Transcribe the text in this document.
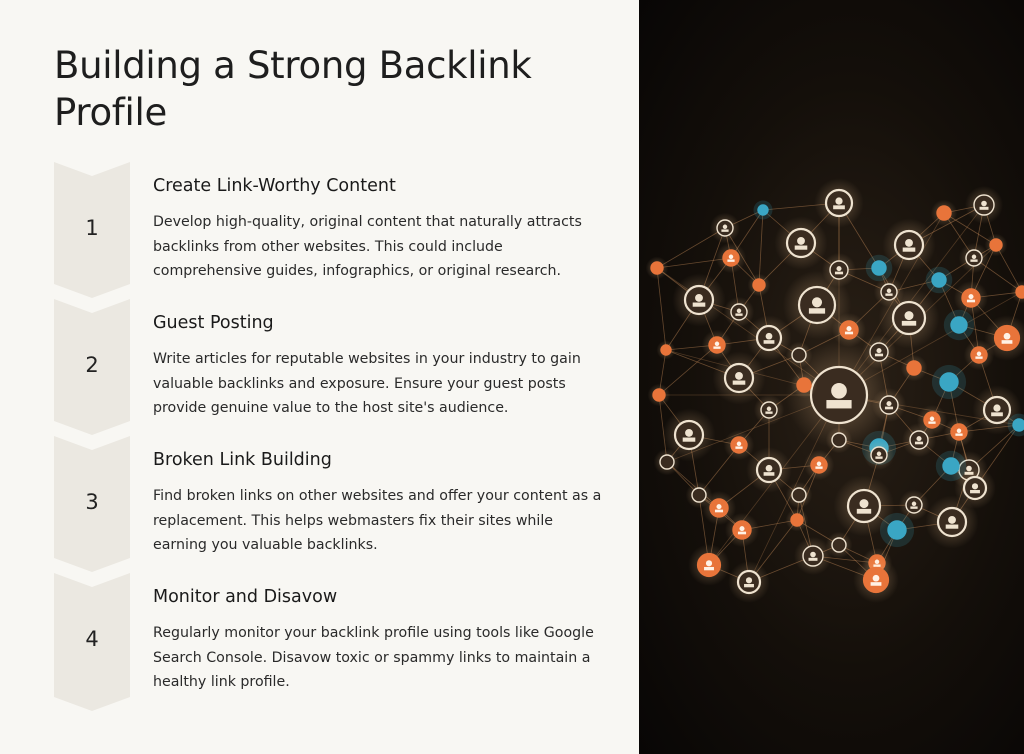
Building a Strong Backlink Profile
1
Create Link-Worthy Content
Develop high-quality, original content that naturally attracts backlinks from other websites. This could include comprehensive guides, infographics, or original research.
2
Guest Posting
Write articles for reputable websites in your industry to gain valuable backlinks and exposure. Ensure your guest posts provide genuine value to the host site's audience.
3
Broken Link Building
Find broken links on other websites and offer your content as a replacement. This helps webmasters fix their sites while earning you valuable backlinks.
4
Monitor and Disavow
Regularly monitor your backlink profile using tools like Google Search Console. Disavow toxic or spammy links to maintain a healthy link profile.
